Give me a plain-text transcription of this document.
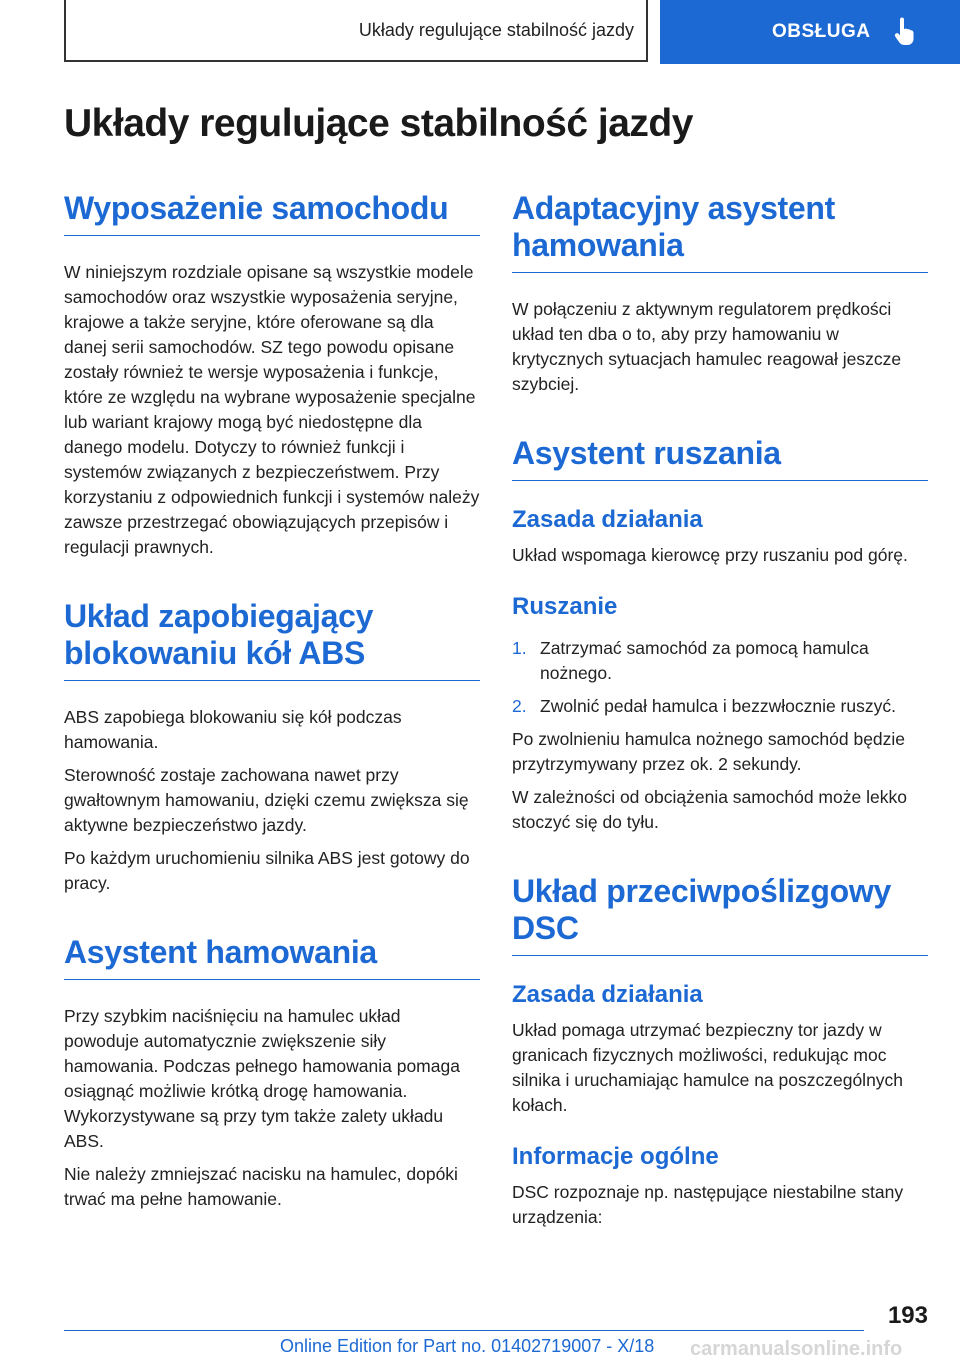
Układy regulujące stabilność jazdy	OBSŁUGA
Układy regulujące stabilność jazdy
Wyposażenie samochodu

W niniejszym rozdziale opisane są wszystkie modele samochodów oraz wszystkie wyposażenia seryjne, krajowe a także seryjne, które oferowane są dla danej serii samochodów. SZ tego powodu opisane zostały również te wersje wyposażenia i funkcje, które ze względu na wybrane wyposażenie specjalne lub wariant krajowy mogą być niedostępne dla danego modelu. Dotyczy to również funkcji i systemów związanych z bezpieczeństwem. Przy korzystaniu z odpowiednich funkcji i systemów należy zawsze przestrzegać obowiązujących przepisów i regulacji prawnych.

Układ zapobiegający blokowaniu kół ABS

ABS zapobiega blokowaniu się kół podczas hamowania.

Sterowność zostaje zachowana nawet przy gwałtownym hamowaniu, dzięki czemu zwiększa się aktywne bezpieczeństwo jazdy.

Po każdym uruchomieniu silnika ABS jest gotowy do pracy.

Asystent hamowania

Przy szybkim naciśnięciu na hamulec układ powoduje automatycznie zwiększenie siły hamowania. Podczas pełnego hamowania pomaga osiągnąć możliwie krótką drogę hamowania. Wykorzystywane są przy tym także zalety układu ABS.

Nie należy zmniejszać nacisku na hamulec, dopóki trwać ma pełne hamowanie.

Adaptacyjny asystent hamowania

W połączeniu z aktywnym regulatorem prędkości układ ten dba o to, aby przy hamowaniu w krytycznych sytuacjach hamulec reagował jeszcze szybciej.

Asystent ruszania
Zasada działania

Układ wspomaga kierowcę przy ruszaniu pod górę.

Ruszanie
1. Zatrzymać samochód za pomocą hamulca nożnego.
2. Zwolnić pedał hamulca i bezzwłocznie ruszyć.

Po zwolnieniu hamulca nożnego samochód będzie przytrzymywany przez ok. 2 sekundy.

W zależności od obciążenia samochód może lekko stoczyć się do tyłu.

Układ przeciwpoślizgowy DSC
Zasada działania

Układ pomaga utrzymać bezpieczny tor jazdy w granicach fizycznych możliwości, redukując moc silnika i uruchamiając hamulce na poszczególnych kołach.

Informacje ogólne

DSC rozpoznaje np. następujące niestabilne stany urządzenia:

193
Online Edition for Part no. 01402719007 - X/18 carmanualsonline.info
